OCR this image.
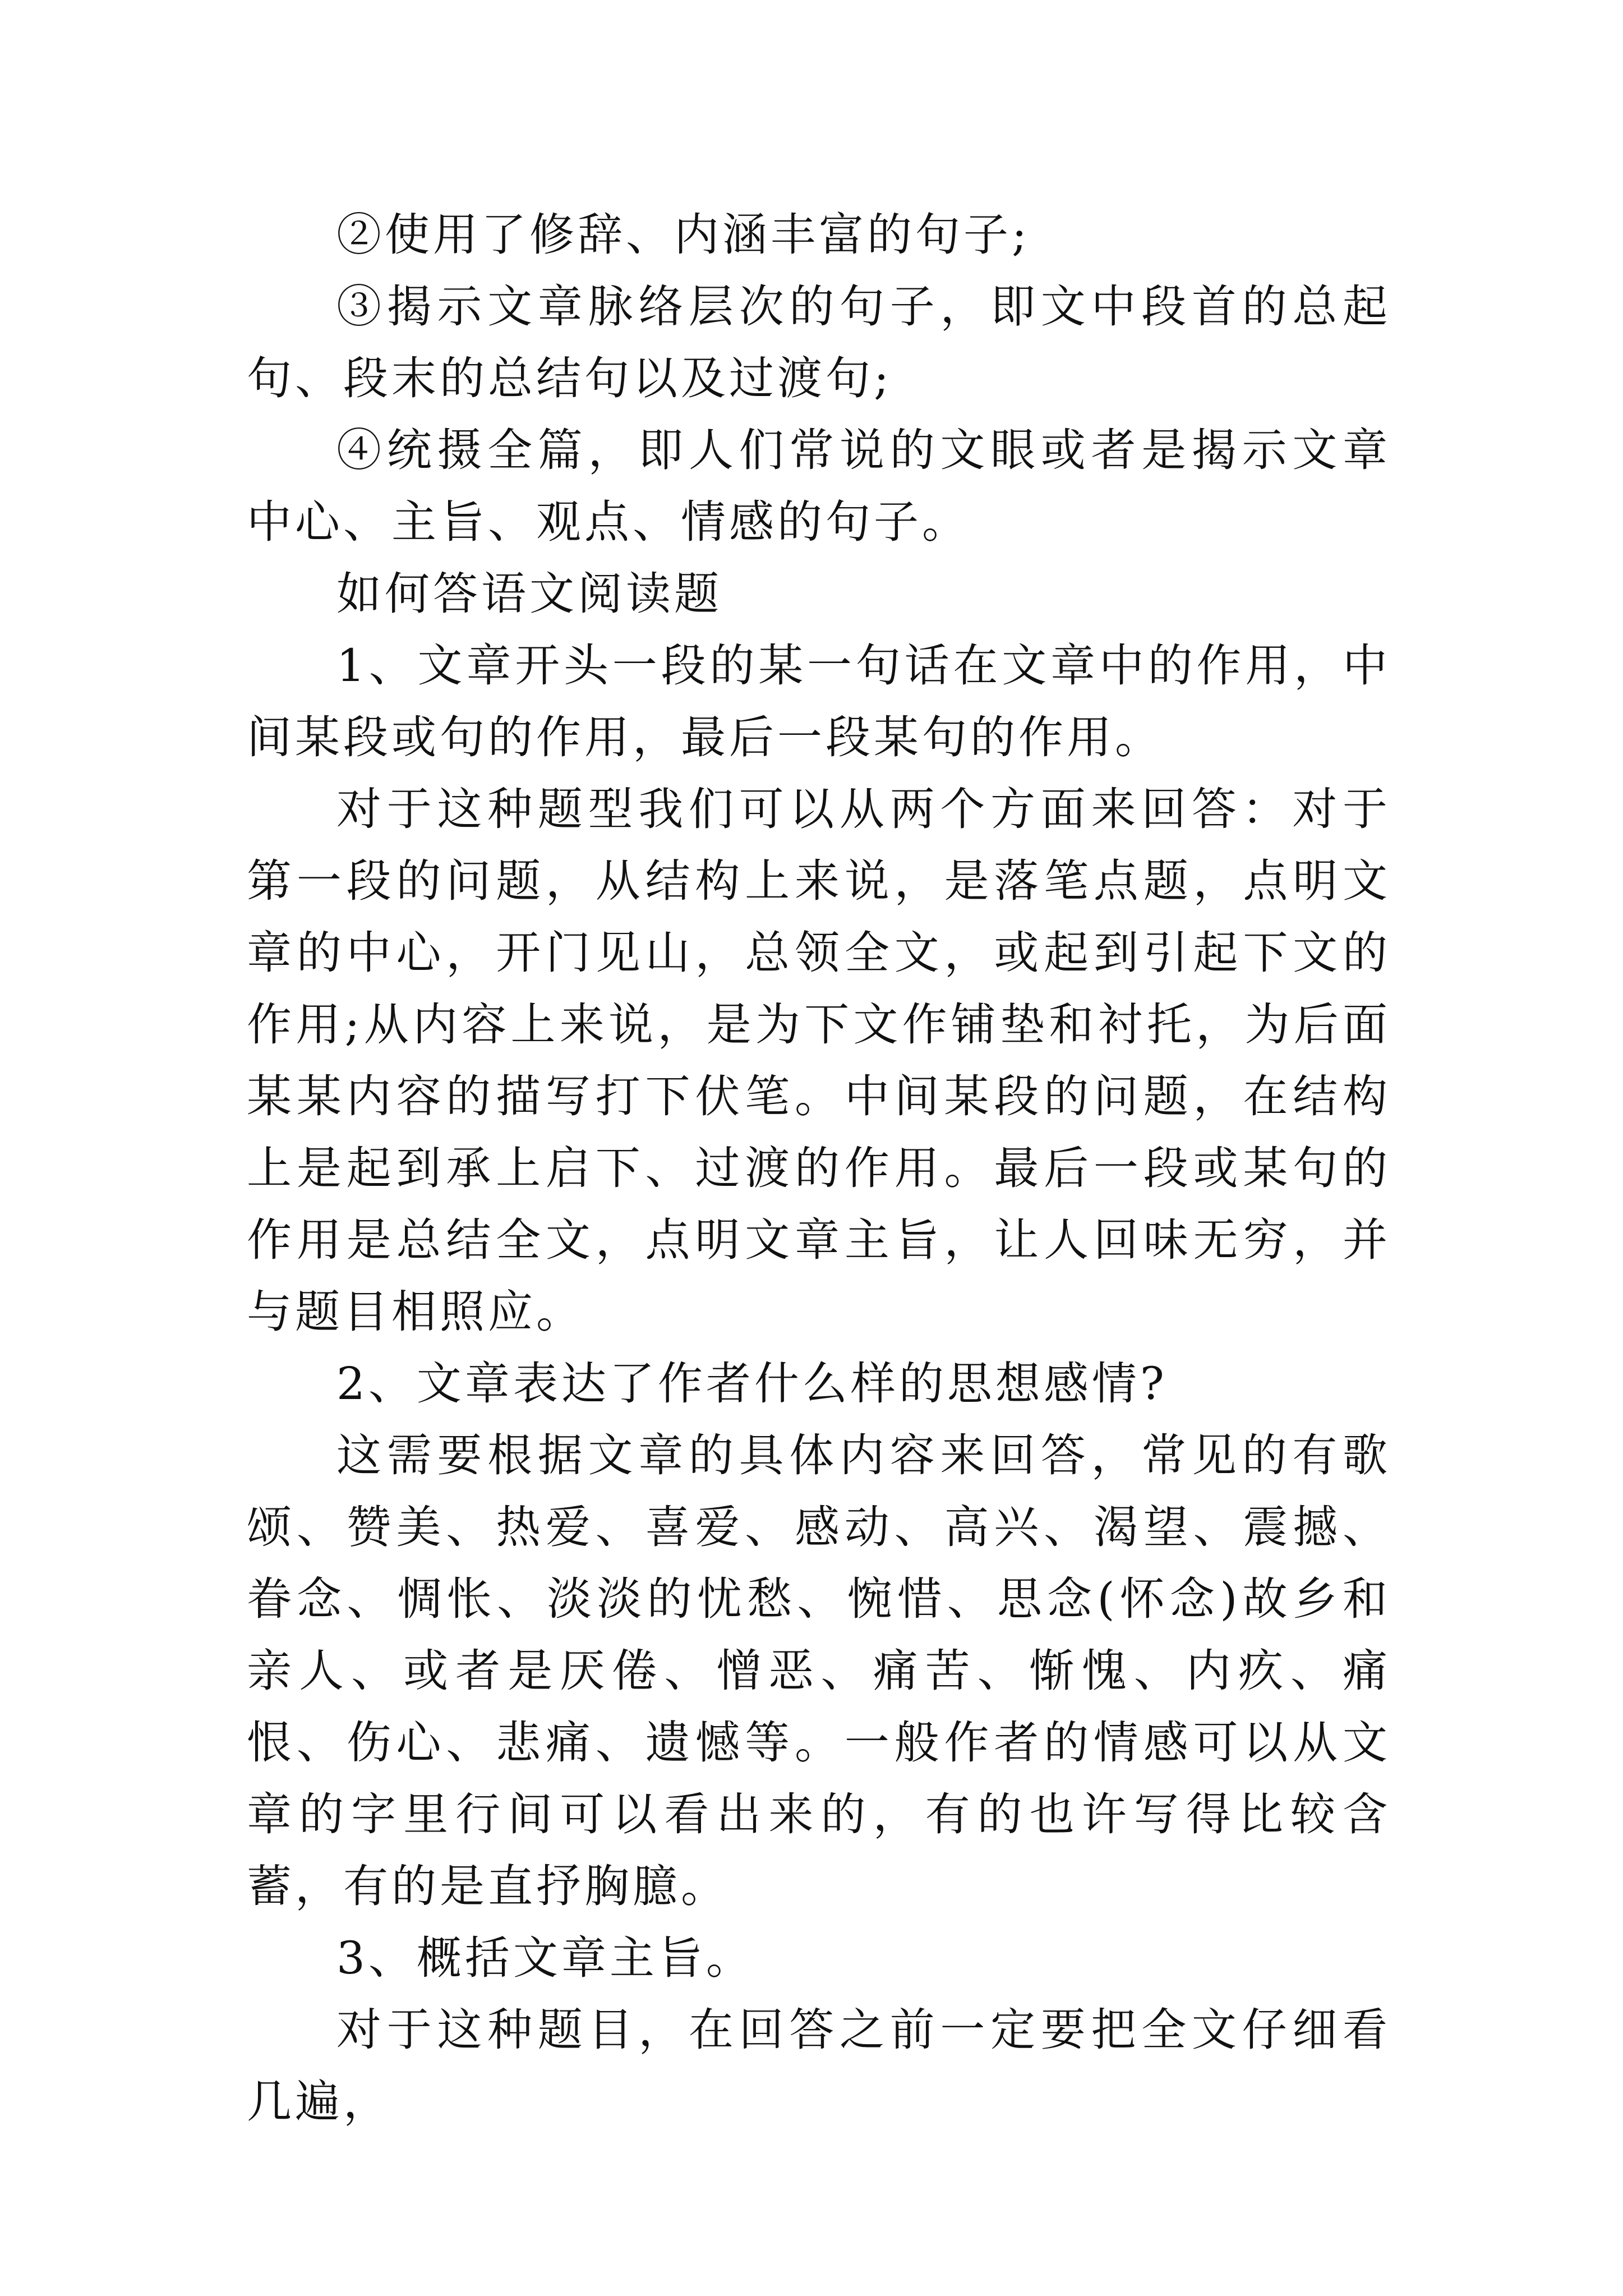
②使用了修辞、内涵丰富的句子;

③揭示文章脉络层次的句子，即文中段首的总起句、段末的总结句以及过渡句;

④统摄全篇，即人们常说的文眼或者是揭示文章中心、主旨、观点、情感的句子。

如何答语文阅读题

1、文章开头一段的某一句话在文章中的作用，中间某段或句的作用，最后一段某句的作用。

对于这种题型我们可以从两个方面来回答：对于第一段的问题，从结构上来说，是落笔点题，点明文章的中心，开门见山，总领全文，或起到引起下文的作用;从内容上来说，是为下文作铺垫和衬托，为后面某某内容的描写打下伏笔。中间某段的问题，在结构上是起到承上启下、过渡的作用。最后一段或某句的作用是总结全文，点明文章主旨，让人回味无穷，并与题目相照应。

2、文章表达了作者什么样的思想感情?

这需要根据文章的具体内容来回答，常见的有歌颂、赞美、热爱、喜爱、感动、高兴、渴望、震撼、眷念、惆怅、淡淡的忧愁、惋惜、思念(怀念)故乡和亲人、或者是厌倦、憎恶、痛苦、惭愧、内疚、痛恨、伤心、悲痛、遗憾等。一般作者的情感可以从文章的字里行间可以看出来的，有的也许写得比较含蓄，有的是直抒胸臆。

3、概括文章主旨。

对于这种题目，在回答之前一定要把全文仔细看几遍，
